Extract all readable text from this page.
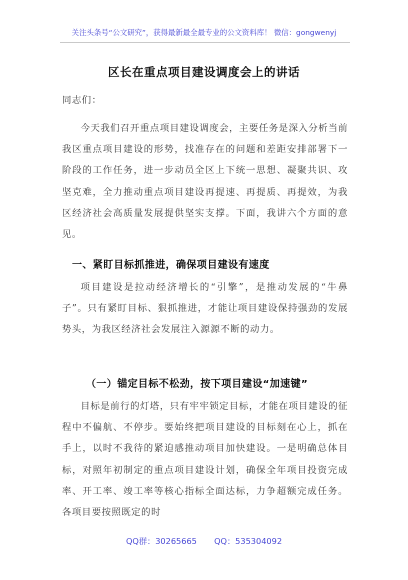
关注头条号“公文研究”，获得最新最全最专业的公文资料库！ 微信：gongwenyj
区长在重点项目建设调度会上的讲话
同志们：
今天我们召开重点项目建设调度会，主要任务是深入分析当前我区重点项目建设的形势，找准存在的问题和差距安排部署下一阶段的工作任务，进一步动员全区上下统一思想、凝聚共识、攻坚克难，全力推动重点项目建设再提速、再提质、再提效，为我区经济社会高质量发展提供坚实支撑。下面，我讲六个方面的意见。
一、紧盯目标抓推进，确保项目建设有速度
项目建设是拉动经济增长的“引擎”，是推动发展的“牛鼻子”。只有紧盯目标、狠抓推进，才能让项目建设保持强劲的发展势头，为我区经济社会发展注入源源不断的动力。
（一）锚定目标不松劲，按下项目建设“加速键”
目标是前行的灯塔，只有牢牢锁定目标，才能在项目建设的征程中不偏航、不停步。要始终把项目建设的目标刻在心上，抓在手上，以时不我待的紧迫感推动项目加快建设。一是明确总体目标，对照年初制定的重点项目建设计划，确保全年项目投资完成率、开工率、竣工率等核心指标全面达标，力争超额完成任务。各项目要按照既定的时
QQ群：30265665 QQ：535304092
